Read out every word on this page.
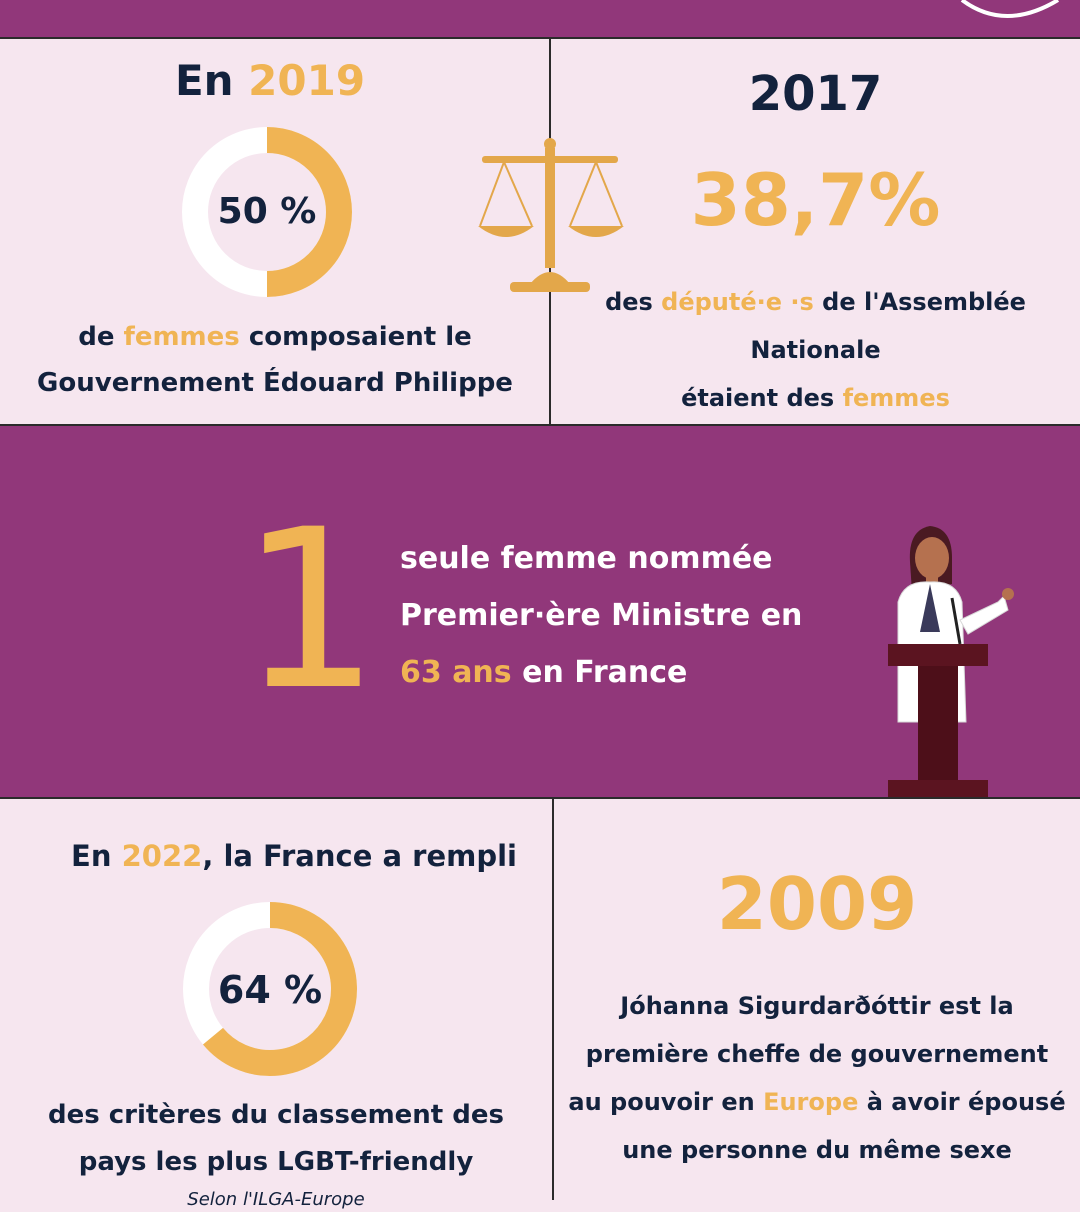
En 2019
50 %
de femmes composaient le
Gouvernement Édouard Philippe
2017
38,7%
des député·e ·s de l'Assemblée
Nationale
étaient des femmes
1 seule femme nommée
Premier·ère Ministre en
63 ans en France
En 2022, la France a rempli
64 %
des critères du classement des
pays les plus LGBT-friendly
Selon l'ILGA-Europe
2009
Jóhanna Sigurdarðóttir est la
première cheffe de gouvernement
au pouvoir en Europe à avoir épousé
une personne du même sexe
